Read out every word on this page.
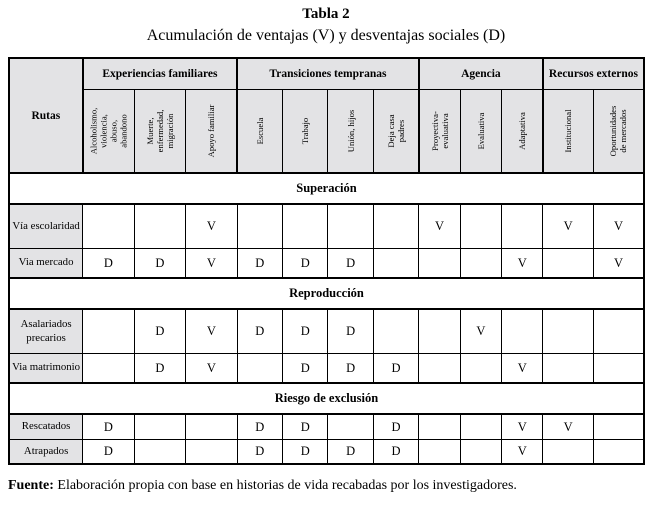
Tabla 2
Acumulación de ventajas (V) y desventajas sociales (D)
Rutas	Experiencias familiares			Transiciones tempranas				Agencia			Recursos externos	

	Alcoholismo, violencia, abuso, abandono	Muerte, enfermedad, migración	Apoyo familiar	Escuela	Trabajo	Unión, hijos	Deja casa padres	Proyectiva-evaluativa	Evaluativa	Adaptativa	Institucional	Oportunidades de mercados

Superación												
Vía escolaridad			V					V			V	V
Via mercado	D	D	V	D	D	D				V		V
Reproducción												
Asalariados precarios		D	V	D	D	D			V			
Via matrimonio		D	V		D	D	D			V		
Riesgo de exclusión												
Rescatados	D			D	D		D			V	V	
Atrapados	D			D	D	D	D			V		
Fuente: Elaboración propia con base en historias de vida recabadas por los investigadores.
